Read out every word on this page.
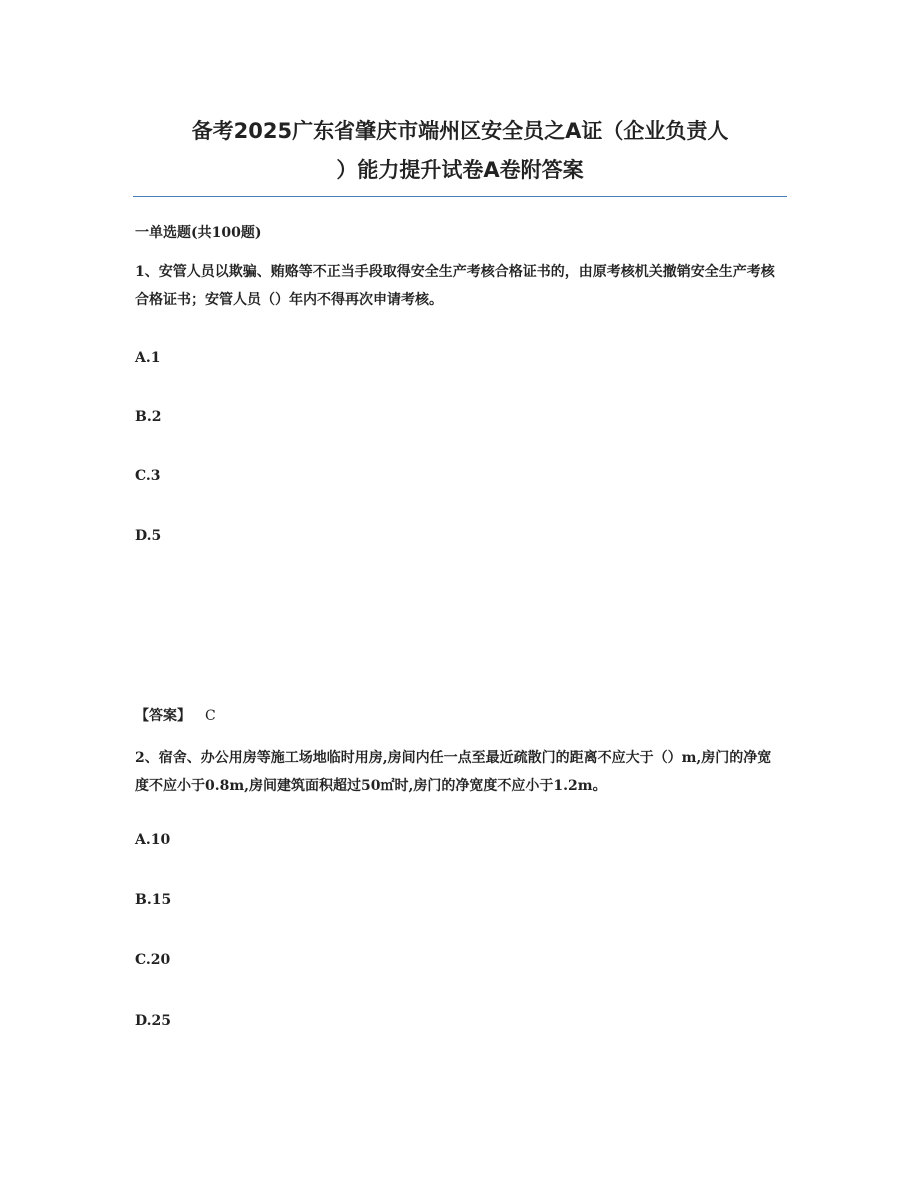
备考2025广东省肇庆市端州区安全员之A证（企业负责人
）能力提升试卷A卷附答案
一单选题(共100题)

1、安管人员以欺骗、贿赂等不正当手段取得安全生产考核合格证书的，由原考核机关撤销安全生产考核合格证书；安管人员（）年内不得再次申请考核。

A.1
B.2
C.3
D.5
【答案】 C

2、宿舍、办公用房等施工场地临时用房,房间内任一点至最近疏散门的距离不应大于（）m,房门的净宽度不应小于0.8m,房间建筑面积超过50㎡时,房门的净宽度不应小于1.2m。

A.10
B.15
C.20
D.25
